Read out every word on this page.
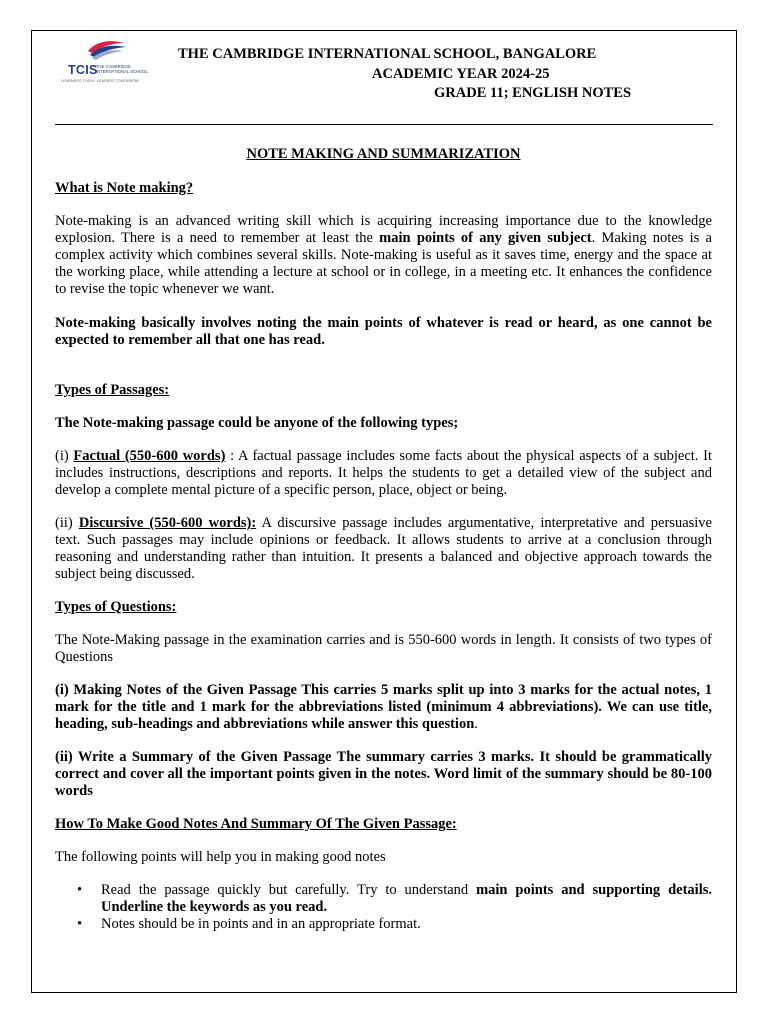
TCIS
THE CAMBRIDGE
INTERNATIONAL SCHOOL
LEARNERS TODAY, LEADERS TOMORROW
THE CAMBRIDGE INTERNATIONAL SCHOOL, BANGALORE
ACADEMIC YEAR 2024-25
GRADE 11; ENGLISH NOTES

NOTE MAKING AND SUMMARIZATION

What is Note making?

Note-making is an advanced writing skill which is acquiring increasing importance due to the knowledge explosion. There is a need to remember at least the main points of any given subject. Making notes is a complex activity which combines several skills. Note-making is useful as it saves time, energy and the space at the working place, while attending a lecture at school or in college, in a meeting etc. It enhances the confidence to revise the topic whenever we want.

Note-making basically involves noting the main points of whatever is read or heard, as one cannot be expected to remember all that one has read.

Types of Passages:

The Note-making passage could be anyone of the following types;

(i) Factual (550-600 words) : A factual passage includes some facts about the physical aspects of a subject. It includes instructions, descriptions and reports. It helps the students to get a detailed view of the subject and develop a complete mental picture of a specific person, place, object or being.

(ii) Discursive (550-600 words): A discursive passage includes argumentative, interpretative and persuasive text. Such passages may include opinions or feedback. It allows students to arrive at a conclusion through reasoning and understanding rather than intuition. It presents a balanced and objective approach towards the subject being discussed.

Types of Questions:

The Note-Making passage in the examination carries and is 550-600 words in length. It consists of two types of Questions

(i) Making Notes of the Given Passage This carries 5 marks split up into 3 marks for the actual notes, 1 mark for the title and 1 mark for the abbreviations listed (minimum 4 abbreviations). We can use title, heading, sub-headings and abbreviations while answer this question.

(ii) Write a Summary of the Given Passage The summary carries 3 marks. It should be grammatically correct and cover all the important points given in the notes. Word limit of the summary should be 80-100 words

How To Make Good Notes And Summary Of The Given Passage:

The following points will help you in making good notes

• Read the passage quickly but carefully. Try to understand main points and supporting details. Underline the keywords as you read.
• Notes should be in points and in an appropriate format.
